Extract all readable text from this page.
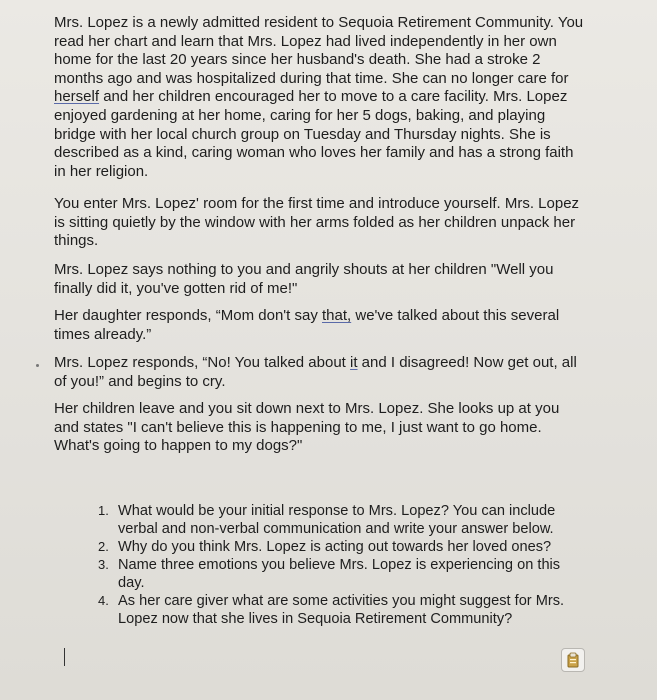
Mrs. Lopez is a newly admitted resident to Sequoia Retirement Community. You read her chart and learn that Mrs. Lopez had lived independently in her own home for the last 20 years since her husband's death. She had a stroke 2 months ago and was hospitalized during that time. She can no longer care for herself and her children encouraged her to move to a care facility. Mrs. Lopez enjoyed gardening at her home, caring for her 5 dogs, baking, and playing bridge with her local church group on Tuesday and Thursday nights. She is described as a kind, caring woman who loves her family and has a strong faith in her religion.

You enter Mrs. Lopez' room for the first time and introduce yourself. Mrs. Lopez is sitting quietly by the window with her arms folded as her children unpack her things.

Mrs. Lopez says nothing to you and angrily shouts at her children "Well you finally did it, you've gotten rid of me!"

Her daughter responds, “Mom don't say that, we've talked about this several times already.”

Mrs. Lopez responds, “No! You talked about it and I disagreed! Now get out, all of you!” and begins to cry.

Her children leave and you sit down next to Mrs. Lopez. She looks up at you and states "I can't believe this is happening to me, I just want to go home. What's going to happen to my dogs?"

1. What would be your initial response to Mrs. Lopez? You can include verbal and non-verbal communication and write your answer below.
2. Why do you think Mrs. Lopez is acting out towards her loved ones?
3. Name three emotions you believe Mrs. Lopez is experiencing on this day.
4. As her care giver what are some activities you might suggest for Mrs. Lopez now that she lives in Sequoia Retirement Community?
